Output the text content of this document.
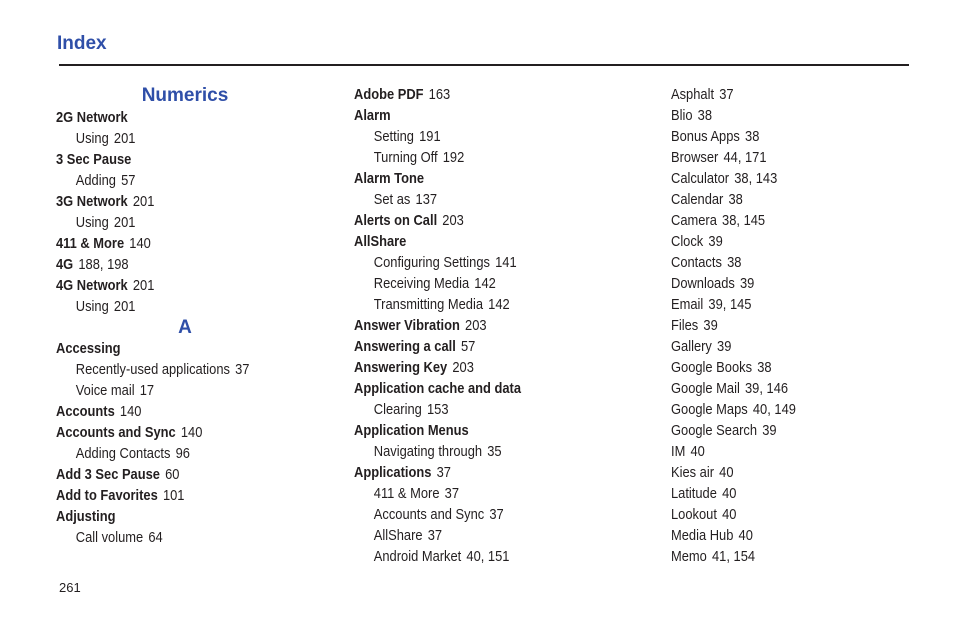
Index
Numerics
2G Network
Using 201
3 Sec Pause
Adding 57
3G Network 201
Using 201
411 & More 140
4G 188, 198
4G Network 201
Using 201
A
Accessing
Recently-used applications 37
Voice mail 17
Accounts 140
Accounts and Sync 140
Adding Contacts 96
Add 3 Sec Pause 60
Add to Favorites 101
Adjusting
Call volume 64
Adobe PDF 163
Alarm
Setting 191
Turning Off 192
Alarm Tone
Set as 137
Alerts on Call 203
AllShare
Configuring Settings 141
Receiving Media 142
Transmitting Media 142
Answer Vibration 203
Answering a call 57
Answering Key 203
Application cache and data
Clearing 153
Application Menus
Navigating through 35
Applications 37
411 & More 37
Accounts and Sync 37
AllShare 37
Android Market 40, 151
Asphalt 37
Blio 38
Bonus Apps 38
Browser 44, 171
Calculator 38, 143
Calendar 38
Camera 38, 145
Clock 39
Contacts 38
Downloads 39
Email 39, 145
Files 39
Gallery 39
Google Books 38
Google Mail 39, 146
Google Maps 40, 149
Google Search 39
IM 40
Kies air 40
Latitude 40
Lookout 40
Media Hub 40
Memo 41, 154
261
